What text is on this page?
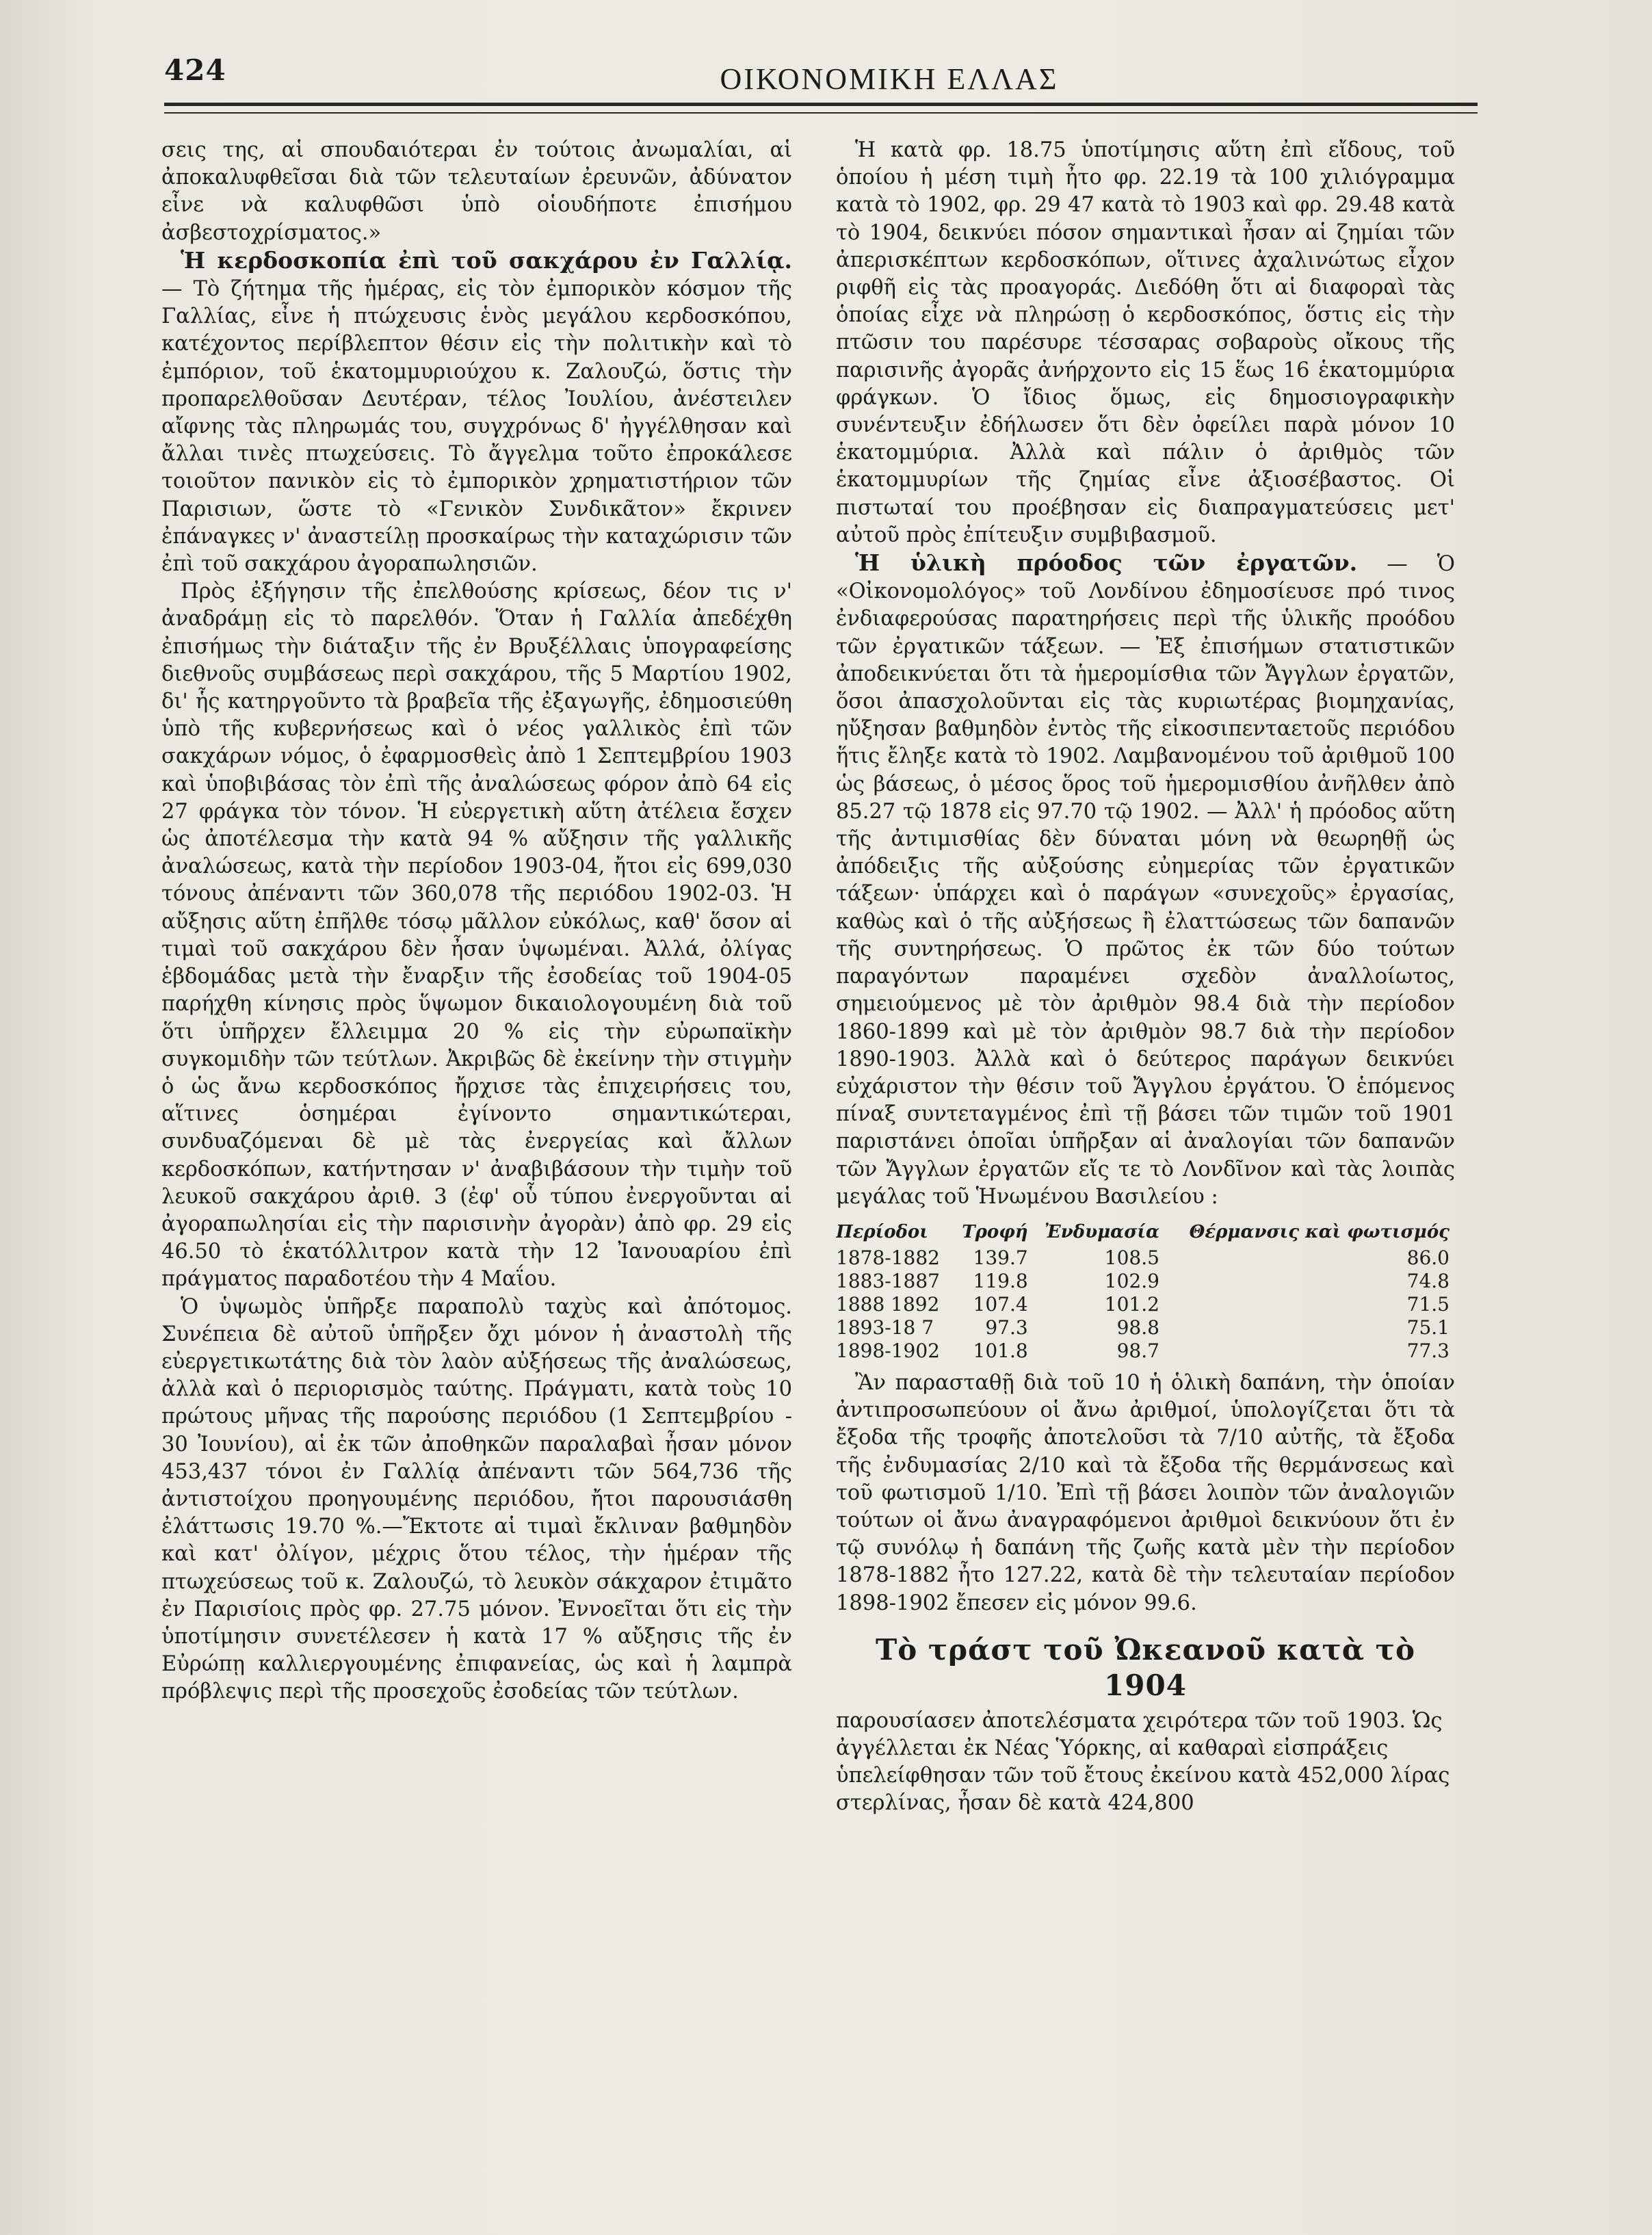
424	ΟΙΚΟΝΟΜΙΚΗ ΕΛΛΑΣ

σεις της, αἱ σπουδαιότεραι ἐν τούτοις ἀνωμαλίαι, αἱ ἀποκαλυφθεῖσαι διὰ τῶν τελευταίων ἐρευνῶν, ἀδύνατον εἶνε νὰ καλυφθῶσι ὑπὸ οἱουδήποτε ἐπισήμου ἀσβεστοχρίσματος.»

Ἡ κερδοσκοπία ἐπὶ τοῦ σακχάρου ἐν Γαλλίᾳ. — Τὸ ζήτημα τῆς ἡμέρας, εἰς τὸν ἐμπορικὸν κόσμον τῆς Γαλλίας, εἶνε ἡ πτώχευσις ἑνὸς μεγάλου κερδοσκόπου, κατέχοντος περίβλεπτον θέσιν εἰς τὴν πολιτικὴν καὶ τὸ ἐμπόριον, τοῦ ἑκατομμυριούχου κ. Ζαλουζώ, ὅστις τὴν προπαρελθοῦσαν Δευτέραν, τέλος Ἰουλίου, ἀνέστειλεν αἴφνης τὰς πληρωμάς του, συγχρόνως δ' ἠγγέλθησαν καὶ ἄλλαι τινὲς πτωχεύσεις. Τὸ ἄγγελμα τοῦτο ἐπροκάλεσε τοιοῦτον πανικὸν εἰς τὸ ἐμπορικὸν χρηματιστήριον τῶν Παρισιων, ὥστε τὸ «Γενικὸν Συνδικᾶτον» ἔκρινεν ἐπάναγκες ν' ἀναστείλῃ προσκαίρως τὴν καταχώρισιν τῶν ἐπὶ τοῦ σακχάρου ἀγοραπωλησιῶν.

Πρὸς ἐξήγησιν τῆς ἐπελθούσης κρίσεως, δέον τις ν' ἀναδράμῃ εἰς τὸ παρελθόν. Ὅταν ἡ Γαλλία ἀπεδέχθη ἐπισήμως τὴν διάταξιν τῆς ἐν Βρυξέλλαις ὑπογραφείσης διεθνοῦς συμβάσεως περὶ σακχάρου, τῆς 5 Μαρτίου 1902, δι' ἧς κατηργοῦντο τὰ βραβεῖα τῆς ἐξαγωγῆς, ἐδημοσιεύθη ὑπὸ τῆς κυβερνήσεως καὶ ὁ νέος γαλλικὸς ἐπὶ τῶν σακχάρων νόμος, ὁ ἐφαρμοσθεὶς ἀπὸ 1 Σεπτεμβρίου 1903 καὶ ὑποβιβάσας τὸν ἐπὶ τῆς ἀναλώσεως φόρον ἀπὸ 64 εἰς 27 φράγκα τὸν τόνον. Ἡ εὐεργετικὴ αὕτη ἀτέλεια ἔσχεν ὡς ἀποτέλεσμα τὴν κατὰ 94 % αὔξησιν τῆς γαλλικῆς ἀναλώσεως, κατὰ τὴν περίοδον 1903-04, ἤτοι εἰς 699,030 τόνους ἀπέναντι τῶν 360,078 τῆς περιόδου 1902-03. Ἡ αὔξησις αὕτη ἐπῆλθε τόσῳ μᾶλλον εὐκόλως, καθ' ὅσον αἱ τιμαὶ τοῦ σακχάρου δὲν ἦσαν ὑψωμέναι. Ἀλλά, ὀλίγας ἑβδομάδας μετὰ τὴν ἔναρξιν τῆς ἐσοδείας τοῦ 1904-05 παρήχθη κίνησις πρὸς ὕψωμον δικαιολογουμένη διὰ τοῦ ὅτι ὑπῆρχεν ἔλλειμμα 20 % εἰς τὴν εὐρωπαϊκὴν συγκομιδὴν τῶν τεύτλων. Ἀκριβῶς δὲ ἐκείνην τὴν στιγμὴν ὁ ὡς ἄνω κερδοσκόπος ἤρχισε τὰς ἐπιχειρήσεις του, αἵτινες ὁσημέραι ἐγίνοντο σημαντικώτεραι, συνδυαζόμεναι δὲ μὲ τὰς ἐνεργείας καὶ ἄλλων κερδοσκόπων, κατήντησαν ν' ἀναβιβάσουν τὴν τιμὴν τοῦ λευκοῦ σακχάρου ἀριθ. 3 (ἐφ' οὗ τύπου ἐνεργοῦνται αἱ ἀγοραπωλησίαι εἰς τὴν παρισινὴν ἀγορὰν) ἀπὸ φρ. 29 εἰς 46.50 τὸ ἑκατόλλιτρον κατὰ τὴν 12 Ἰανουαρίου ἐπὶ πράγματος παραδοτέου τὴν 4 Μαΐου.

Ὁ ὑψωμὸς ὑπῆρξε παραπολὺ ταχὺς καὶ ἀπότομος. Συνέπεια δὲ αὐτοῦ ὑπῆρξεν ὄχι μόνον ἡ ἀναστολὴ τῆς εὐεργετικωτάτης διὰ τὸν λαὸν αὐξήσεως τῆς ἀναλώσεως, ἀλλὰ καὶ ὁ περιορισμὸς ταύτης. Πράγματι, κατὰ τοὺς 10 πρώτους μῆνας τῆς παρούσης περιόδου (1 Σεπτεμβρίου - 30 Ἰουνίου), αἱ ἐκ τῶν ἀποθηκῶν παραλαβαὶ ἦσαν μόνον 453,437 τόνοι ἐν Γαλλίᾳ ἀπέναντι τῶν 564,736 τῆς ἀντιστοίχου προηγουμένης περιόδου, ἤτοι παρουσιάσθη ἐλάττωσις 19.70 %.—Ἔκτοτε αἱ τιμαὶ ἔκλιναν βαθμηδὸν καὶ κατ' ὀλίγον, μέχρις ὅτου τέλος, τὴν ἡμέραν τῆς πτωχεύσεως τοῦ κ. Ζαλουζώ, τὸ λευκὸν σάκχαρον ἐτιμᾶτο ἐν Παρισίοις πρὸς φρ. 27.75 μόνον. Ἐννοεῖται ὅτι εἰς τὴν ὑποτίμησιν συνετέλεσεν ἡ κατὰ 17 % αὔξησις τῆς ἐν Εὐρώπῃ καλλιεργουμένης ἐπιφανείας, ὡς καὶ ἡ λαμπρὰ πρόβλεψις περὶ τῆς προσεχοῦς ἐσοδείας τῶν τεύτλων.

Ἡ κατὰ φρ. 18.75 ὑποτίμησις αὕτη ἐπὶ εἴδους, τοῦ ὁποίου ἡ μέση τιμὴ ἦτο φρ. 22.19 τὰ 100 χιλιόγραμμα κατὰ τὸ 1902, φρ. 29 47 κατὰ τὸ 1903 καὶ φρ. 29.48 κατὰ τὸ 1904, δεικνύει πόσον σημαντικαὶ ἦσαν αἱ ζημίαι τῶν ἀπερισκέπτων κερδοσκόπων, οἵτινες ἀχαλινώτως εἶχον ριφθῆ εἰς τὰς προαγοράς. Διεδόθη ὅτι αἱ διαφοραὶ τὰς ὁποίας εἶχε νὰ πληρώσῃ ὁ κερδοσκόπος, ὅστις εἰς τὴν πτῶσιν του παρέσυρε τέσσαρας σοβαροὺς οἴκους τῆς παρισινῆς ἀγορᾶς ἀνήρχοντο εἰς 15 ἕως 16 ἑκατομμύρια φράγκων. Ὁ ἴδιος ὅμως, εἰς δημοσιογραφικὴν συνέντευξιν ἐδήλωσεν ὅτι δὲν ὀφείλει παρὰ μόνον 10 ἑκατομμύρια. Ἀλλὰ καὶ πάλιν ὁ ἀριθμὸς τῶν ἑκατομμυρίων τῆς ζημίας εἶνε ἀξιοσέβαστος. Οἱ πιστωταί του προέβησαν εἰς διαπραγματεύσεις μετ' αὐτοῦ πρὸς ἐπίτευξιν συμβιβασμοῦ.

Ἡ ὑλικὴ πρόοδος τῶν ἐργατῶν. — Ὁ «Οἰκονομολόγος» τοῦ Λονδίνου ἐδημοσίευσε πρό τινος ἐνδιαφερούσας παρατηρήσεις περὶ τῆς ὑλικῆς προόδου τῶν ἐργατικῶν τάξεων. — Ἐξ ἐπισήμων στατιστικῶν ἀποδεικνύεται ὅτι τὰ ἡμερομίσθια τῶν Ἄγγλων ἐργατῶν, ὅσοι ἀπασχολοῦνται εἰς τὰς κυριωτέρας βιομηχανίας, ηὔξησαν βαθμηδὸν ἐντὸς τῆς εἰκοσιπενταετοῦς περιόδου ἥτις ἔληξε κατὰ τὸ 1902. Λαμβανομένου τοῦ ἀριθμοῦ 100 ὡς βάσεως, ὁ μέσος ὅρος τοῦ ἡμερομισθίου ἀνῆλθεν ἀπὸ 85.27 τῷ 1878 εἰς 97.70 τῷ 1902. — Ἀλλ' ἡ πρόοδος αὕτη τῆς ἀντιμισθίας δὲν δύναται μόνη νὰ θεωρηθῇ ὡς ἀπόδειξις τῆς αὐξούσης εὐημερίας τῶν ἐργατικῶν τάξεων· ὑπάρχει καὶ ὁ παράγων «συνεχοῦς» ἐργασίας, καθὼς καὶ ὁ τῆς αὐξήσεως ἢ ἐλαττώσεως τῶν δαπανῶν τῆς συντηρήσεως. Ὁ πρῶτος ἐκ τῶν δύο τούτων παραγόντων παραμένει σχεδὸν ἀναλλοίωτος, σημειούμενος μὲ τὸν ἀριθμὸν 98.4 διὰ τὴν περίοδον 1860-1899 καὶ μὲ τὸν ἀριθμὸν 98.7 διὰ τὴν περίοδον 1890-1903. Ἀλλὰ καὶ ὁ δεύτερος παράγων δεικνύει εὐχάριστον τὴν θέσιν τοῦ Ἄγγλου ἐργάτου. Ὁ ἑπόμενος πίναξ συντεταγμένος ἐπὶ τῇ βάσει τῶν τιμῶν τοῦ 1901 παριστάνει ὁποῖαι ὑπῆρξαν αἱ ἀναλογίαι τῶν δαπανῶν τῶν Ἄγγλων ἐργατῶν εἴς τε τὸ Λονδῖνον καὶ τὰς λοιπὰς μεγάλας τοῦ Ἡνωμένου Βασιλείου :

Περίοδοι	Τροφή	Ἐνδυμασία	Θέρμανσις καὶ φωτισμός
1878-1882	139.7	108.5	86.0
1883-1887	119.8	102.9	74.8
1888 1892	107.4	101.2	71.5
1893-18 7	97.3	98.8	75.1
1898-1902	101.8	98.7	77.3

Ἂν παρασταθῇ διὰ τοῦ 10 ἡ ὁλικὴ δαπάνη, τὴν ὁποίαν ἀντιπροσωπεύουν οἱ ἄνω ἀριθμοί, ὑπολογίζεται ὅτι τὰ ἔξοδα τῆς τροφῆς ἀποτελοῦσι τὰ 7/10 αὐτῆς, τὰ ἔξοδα τῆς ἐνδυμασίας 2/10 καὶ τὰ ἔξοδα τῆς θερμάνσεως καὶ τοῦ φωτισμοῦ 1/10. Ἐπὶ τῇ βάσει λοιπὸν τῶν ἀναλογιῶν τούτων οἱ ἄνω ἀναγραφόμενοι ἀριθμοὶ δεικνύουν ὅτι ἐν τῷ συνόλῳ ἡ δαπάνη τῆς ζωῆς κατὰ μὲν τὴν περίοδον 1878-1882 ἦτο 127.22, κατὰ δὲ τὴν τελευταίαν περίοδον 1898-1902 ἔπεσεν εἰς μόνον 99.6.

Τὸ τράστ τοῦ Ὠκεανοῦ κατὰ τὸ 1904

παρουσίασεν ἀποτελέσματα χειρότερα τῶν τοῦ 1903. Ὡς ἀγγέλλεται ἐκ Νέας Ὑόρκης, αἱ καθαραὶ εἰσπράξεις ὑπελείφθησαν τῶν τοῦ ἔτους ἐκείνου κατὰ 452,000 λίρας στερλίνας, ἦσαν δὲ κατὰ 424,800
